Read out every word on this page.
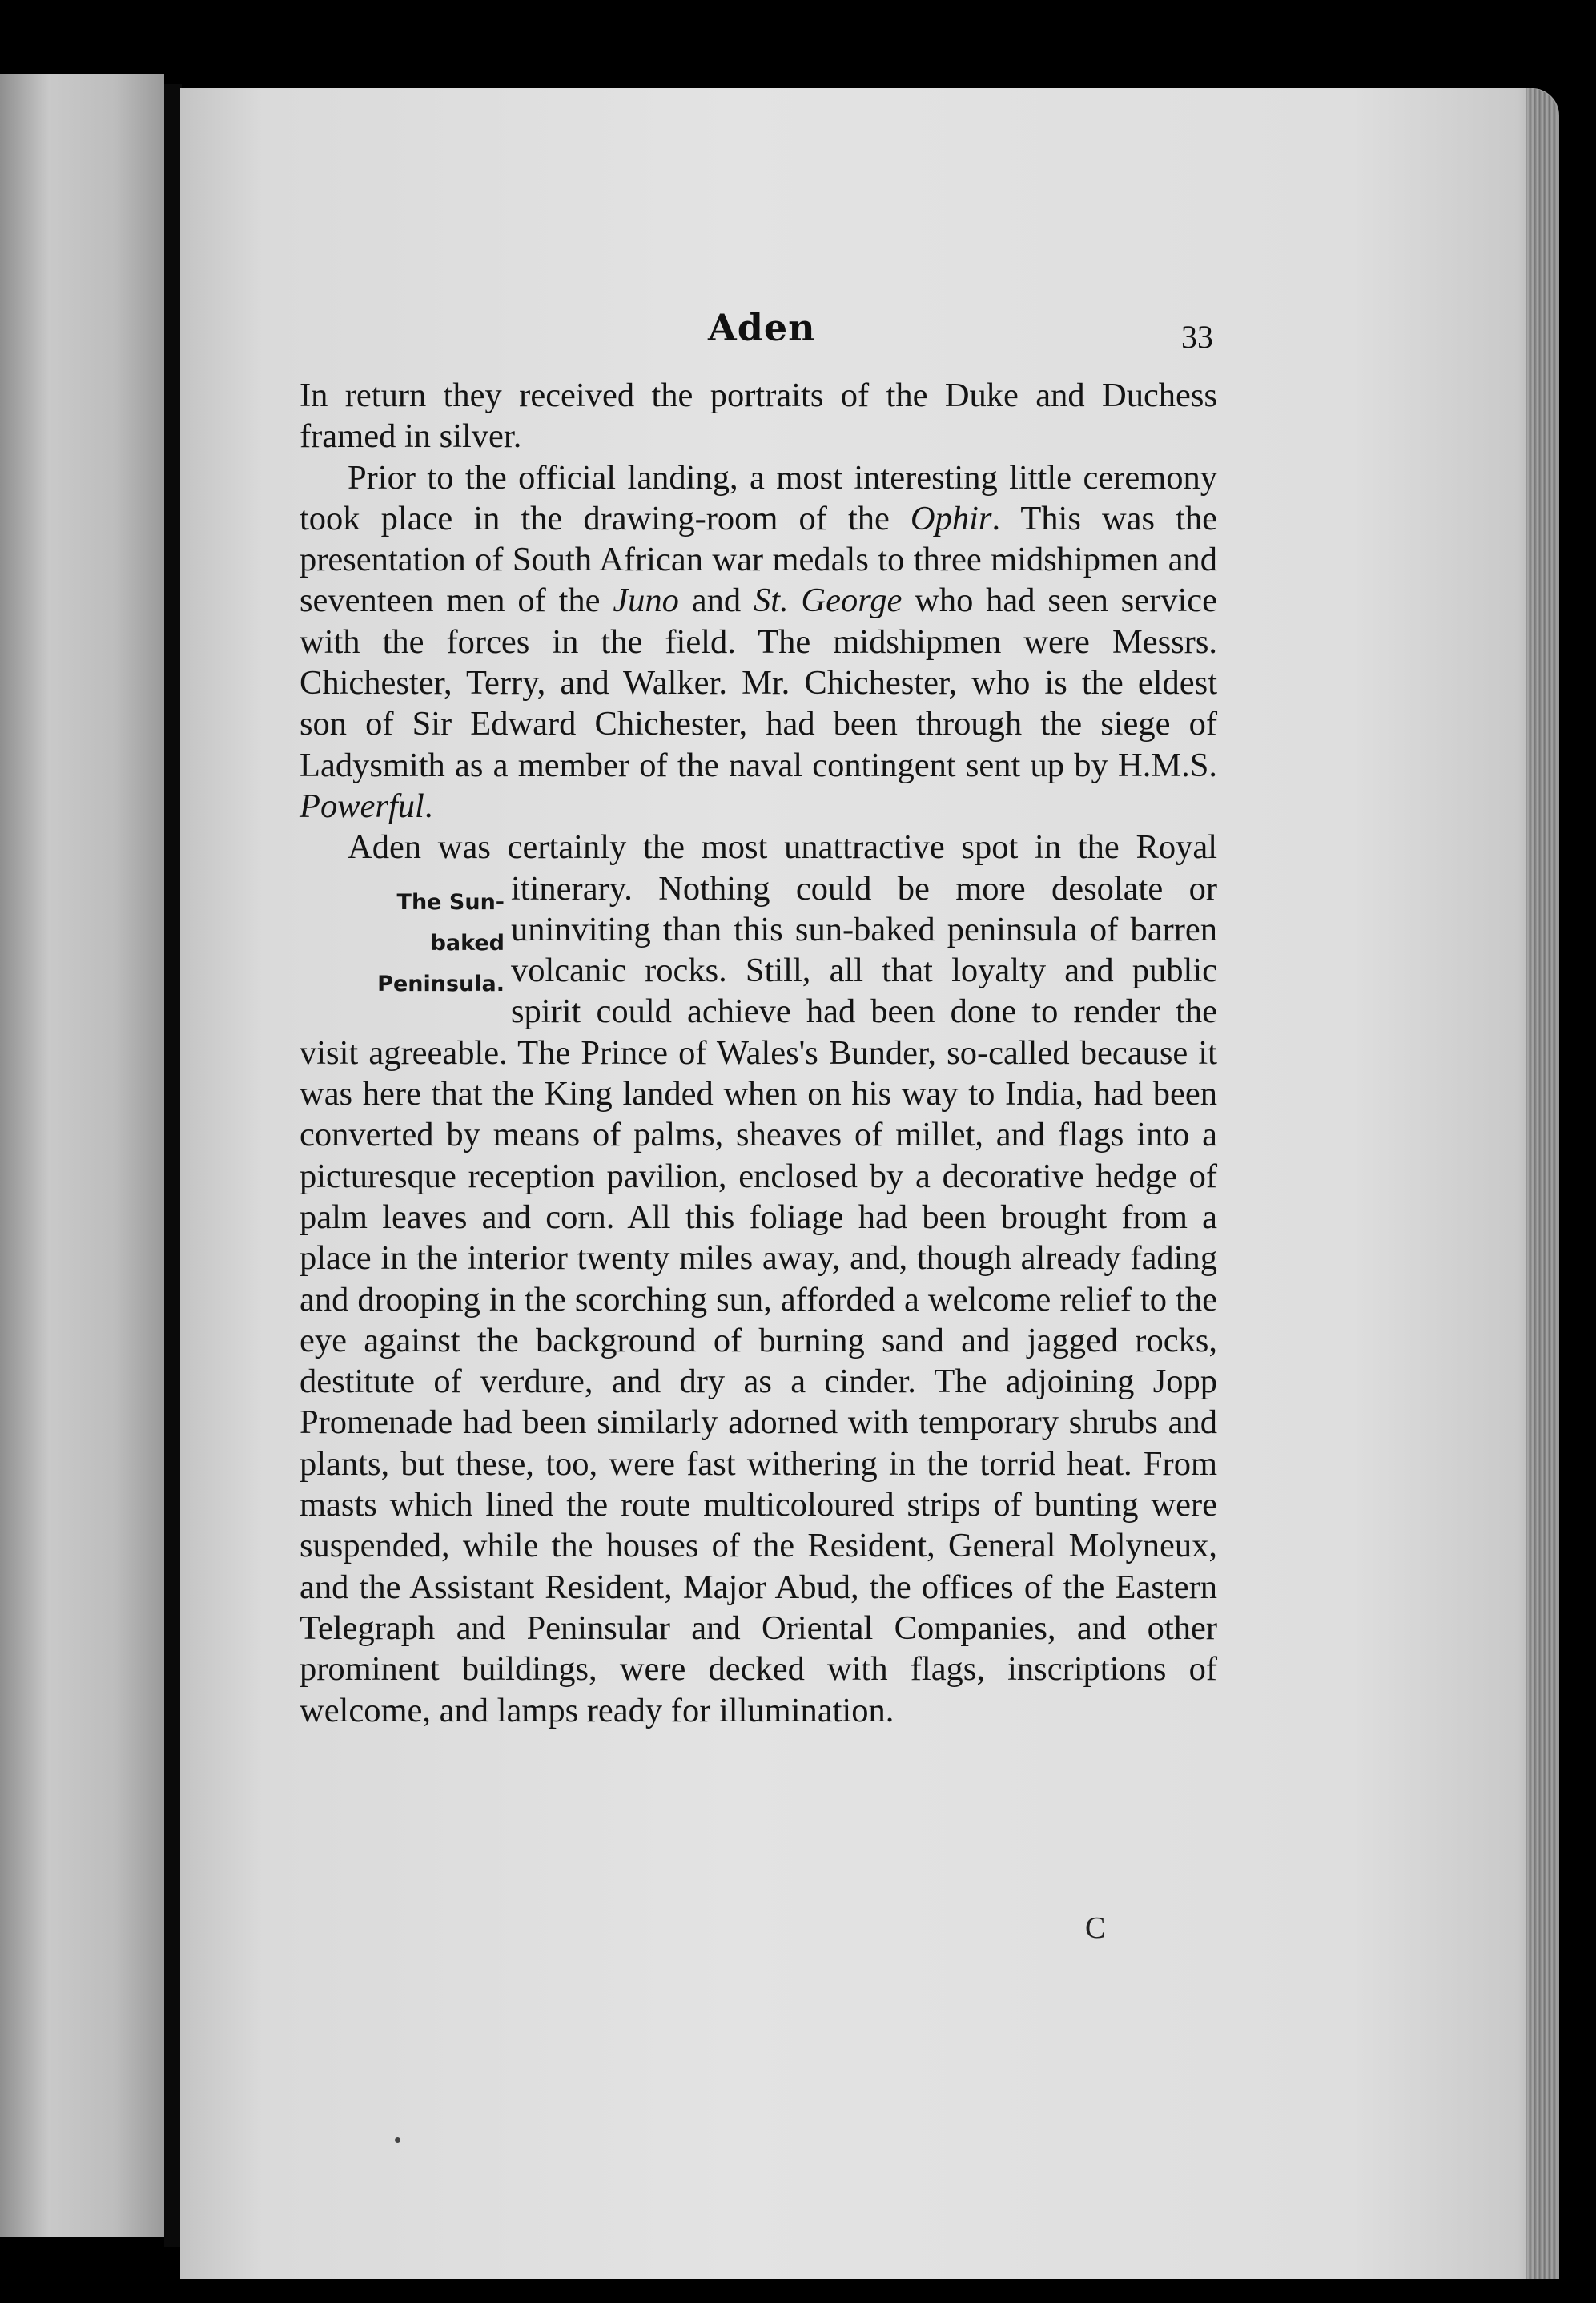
Aden	33

In return they received the portraits of the Duke and Duchess framed in silver.

Prior to the official landing, a most interesting little ceremony took place in the drawing-room of the Ophir. This was the presentation of South African war medals to three midshipmen and seventeen men of the Juno and St. George who had seen service with the forces in the field. The midshipmen were Messrs. Chichester, Terry, and Walker. Mr. Chichester, who is the eldest son of Sir Edward Chichester, had been through the siege of Ladysmith as a member of the naval contingent sent up by H.M.S. Powerful.

Aden was certainly the most unattractive spot in the Royal itinerary. Nothing could be more desolate or
The Sun-baked
Peninsula.
uninviting than this sun-baked peninsula of barren volcanic rocks. Still, all that loyalty and public spirit could achieve had been done to render the visit agreeable. The Prince of Wales's Bunder, so-called because it was here that the King landed when on his way to India, had been converted by means of palms, sheaves of millet, and flags into a picturesque reception pavilion, enclosed by a decorative hedge of palm leaves and corn. All this foliage had been brought from a place in the interior twenty miles away, and, though already fading and drooping in the scorching sun, afforded a welcome relief to the eye against the background of burning sand and jagged rocks, destitute of verdure, and dry as a cinder. The adjoining Jopp Promenade had been similarly adorned with temporary shrubs and plants, but these, too, were fast withering in the torrid heat. From masts which lined the route multicoloured strips of bunting were suspended, while the houses of the Resident, General Molyneux, and the Assistant Resident, Major Abud, the offices of the Eastern Telegraph and Peninsular and Oriental Companies, and other prominent buildings, were decked with flags, inscriptions of welcome, and lamps ready for illumination.

C
